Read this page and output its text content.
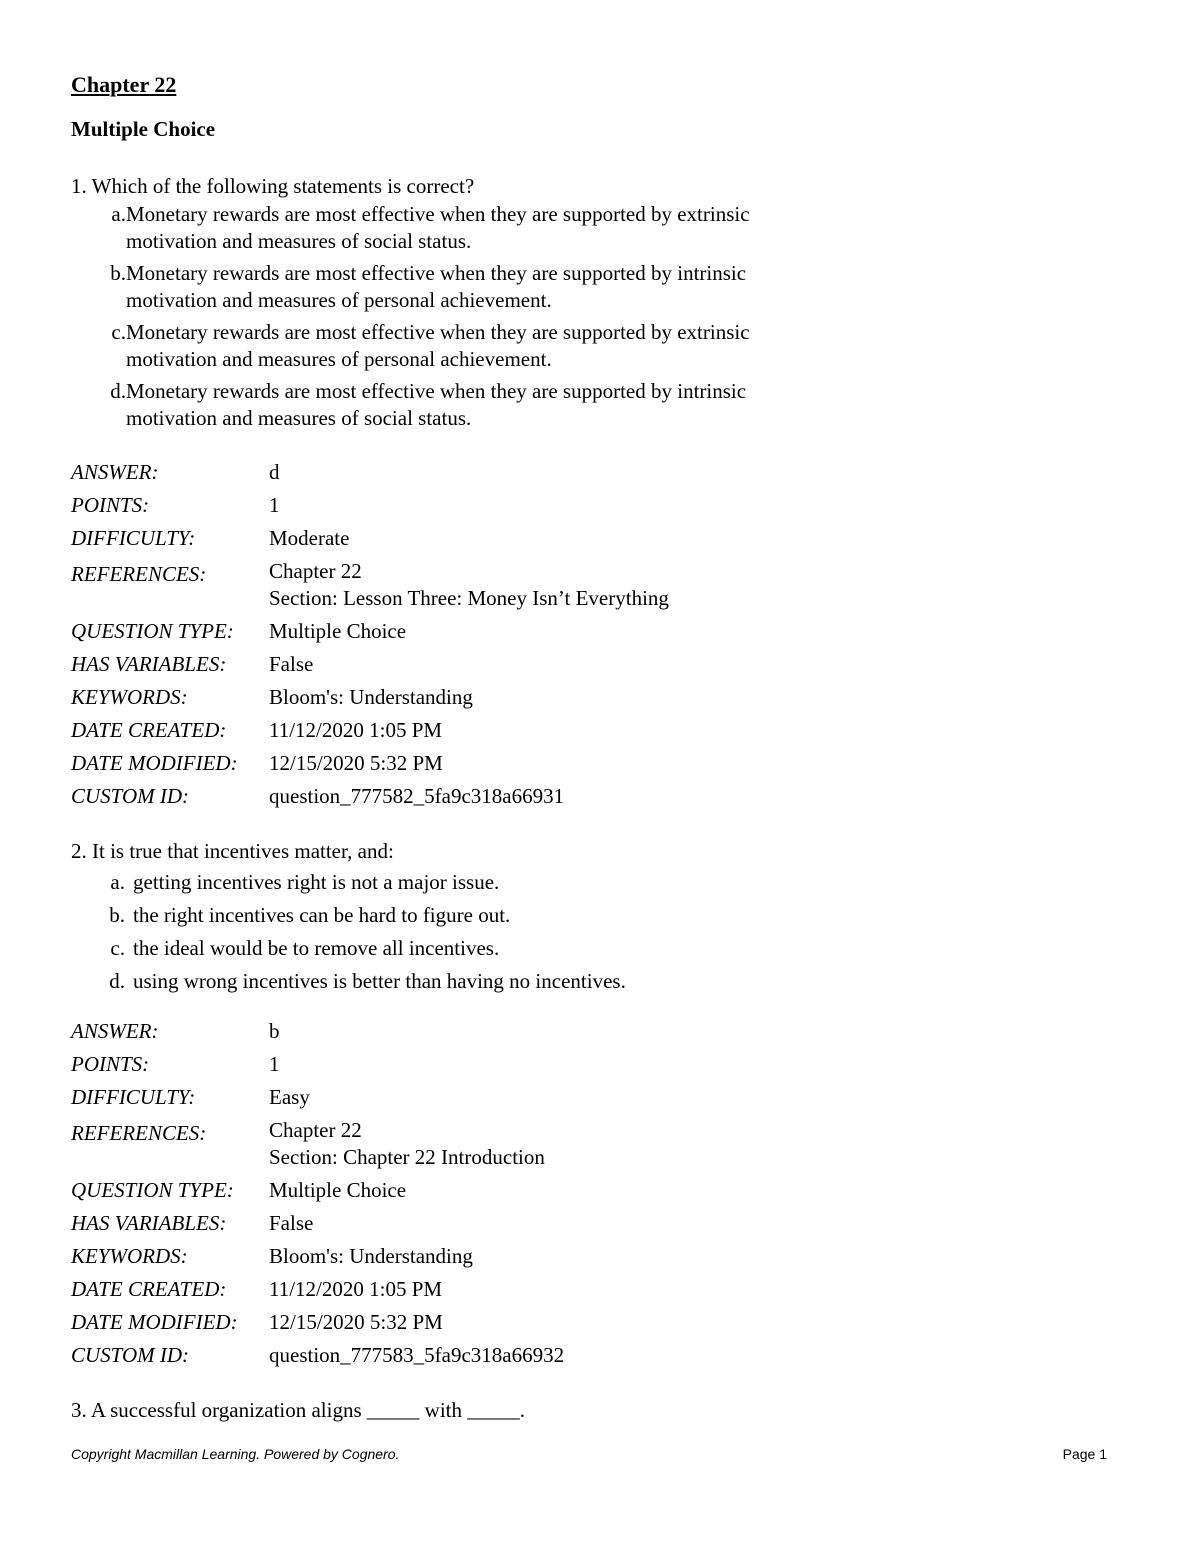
Chapter 22
Multiple Choice
1. Which of the following statements is correct?
a. Monetary rewards are most effective when they are supported by extrinsic
motivation and measures of social status.
b. Monetary rewards are most effective when they are supported by intrinsic
motivation and measures of personal achievement.
c. Monetary rewards are most effective when they are supported by extrinsic
motivation and measures of personal achievement.
d. Monetary rewards are most effective when they are supported by intrinsic
motivation and measures of social status.
ANSWER:	d
POINTS:	1
DIFFICULTY:	Moderate
REFERENCES:	Chapter 22
Section: Lesson Three: Money Isn’t Everything
QUESTION TYPE:	Multiple Choice
HAS VARIABLES:	False
KEYWORDS:	Bloom's: Understanding
DATE CREATED:	11/12/2020 1:05 PM
DATE MODIFIED:	12/15/2020 5:32 PM
CUSTOM ID:	question_777582_5fa9c318a66931
2. It is true that incentives matter, and:
a. getting incentives right is not a major issue.
b. the right incentives can be hard to figure out.
c. the ideal would be to remove all incentives.
d. using wrong incentives is better than having no incentives.
ANSWER:	b
POINTS:	1
DIFFICULTY:	Easy
REFERENCES:	Chapter 22
Section: Chapter 22 Introduction
QUESTION TYPE:	Multiple Choice
HAS VARIABLES:	False
KEYWORDS:	Bloom's: Understanding
DATE CREATED:	11/12/2020 1:05 PM
DATE MODIFIED:	12/15/2020 5:32 PM
CUSTOM ID:	question_777583_5fa9c318a66932
3. A successful organization aligns _____ with _____.
Copyright Macmillan Learning. Powered by Cognero.	Page 1
